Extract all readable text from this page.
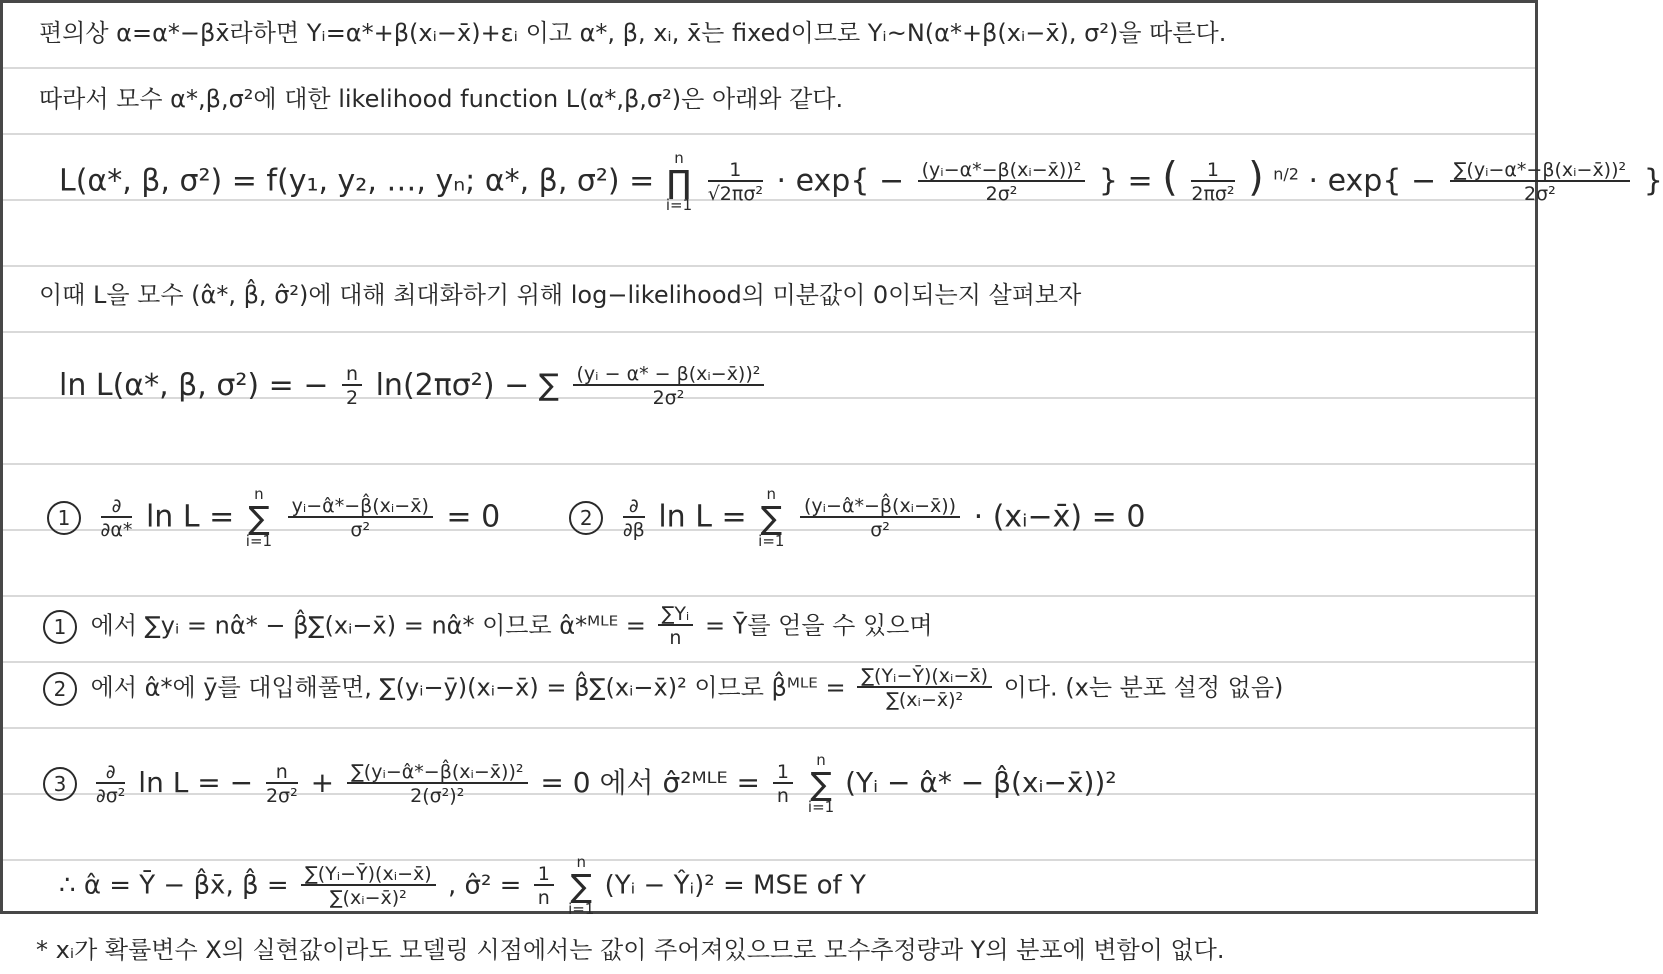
편의상 α=α*−βx̄라하면 Yᵢ=α*+β(xᵢ−x̄)+εᵢ 이고 α*, β, xᵢ, x̄는 fixed이므로 Yᵢ~N(α*+β(xᵢ−x̄), σ²)을 따른다.
따라서 모수 α*,β,σ²에 대한 likelihood function L(α*,β,σ²)은 아래와 같다.
L(α*, β, σ²) = f(y₁, y₂, …, yₙ; α*, β, σ²) =
n
∏
i=1

$\frac{1}{\text{√2πσ²}} \cdot \exp\{ - \frac{\text{(yᵢ−α*−β(xᵢ−x̄))²}}{\text{2σ²}}$ } = ( $\frac{1}{\text{2πσ²}}$ ) $^{n/2} \cdot \exp\{ - \frac{\text{∑(yᵢ−α*−β(xᵢ−x̄))²}}{\text{2σ²}}$ }
이때 L을 모수 (α̂*, β̂, σ̂²)에 대해 최대화하기 위해 log−likelihood의 미분값이 0이되는지 살펴보자
ln L(α*, β, σ²) = − $\frac{n}{2} \ln(2\pi\sigma^2)$ − ∑ $\frac{\text{(yᵢ − α* − β(xᵢ−x̄))²}}{\text{2σ²}}$
$1 \frac{\partial}{\partial\alpha*}$ ln L =
n
∑
i=1

$\frac{\text{yᵢ−α̂*−β̂(xᵢ−x̄)}}{\text{σ²}} = 0$	$2 \frac{\partial}{\partial\beta}$ ln L =
n
∑
i=1

$\frac{\text{(yᵢ−α̂*−β̂(xᵢ−x̄))}}{\text{σ²}}$ · (xᵢ−x̄) = 0
1 에서 ∑yᵢ = nα̂* − β̂∑(xᵢ−x̄) = nα̂* 이므로 α̂*ᴹᴸᴱ = $\frac{\text{∑Yᵢ}}{n}$ = Ȳ를 얻을 수 있으며
2 에서 α̂*에 ȳ를 대입해풀면, ∑(yᵢ−ȳ)(xᵢ−x̄) = β̂∑(xᵢ−x̄)² 이므로 β̂ᴹᴸᴱ = $\frac{\text{∑(Yᵢ−Ȳ)(xᵢ−x̄)}}{\text{∑(xᵢ−x̄)²}}$ 이다. (x는 분포 설정 없음)
$3 \frac{\partial}{\text{∂σ²}}$ ln L = − $\frac{n}{\text{2σ²}} + \frac{\text{∑(yᵢ−α̂*−β̂(xᵢ−x̄))²}}{\text{2(σ²)²}} = 0$ 에서 σ̂²ᴹᴸᴱ = $\frac{1}{n}$

n
∑
i=1
(Yᵢ − α̂* − β̂(xᵢ−x̄))²
∴ α̂ = Ȳ − β̂x̄, β̂ = $\frac{\text{∑(Yᵢ−Ȳ)(xᵢ−x̄)}}{\text{∑(xᵢ−x̄)²}}$ , σ̂² = $\frac{1}{n}$

n
∑
i=1
(Yᵢ − Ŷᵢ)² = MSE of Y
* xᵢ가 확률변수 X의 실현값이라도 모델링 시점에서는 값이 주어져있으므로 모수추정량과 Y의 분포에 변함이 없다.
